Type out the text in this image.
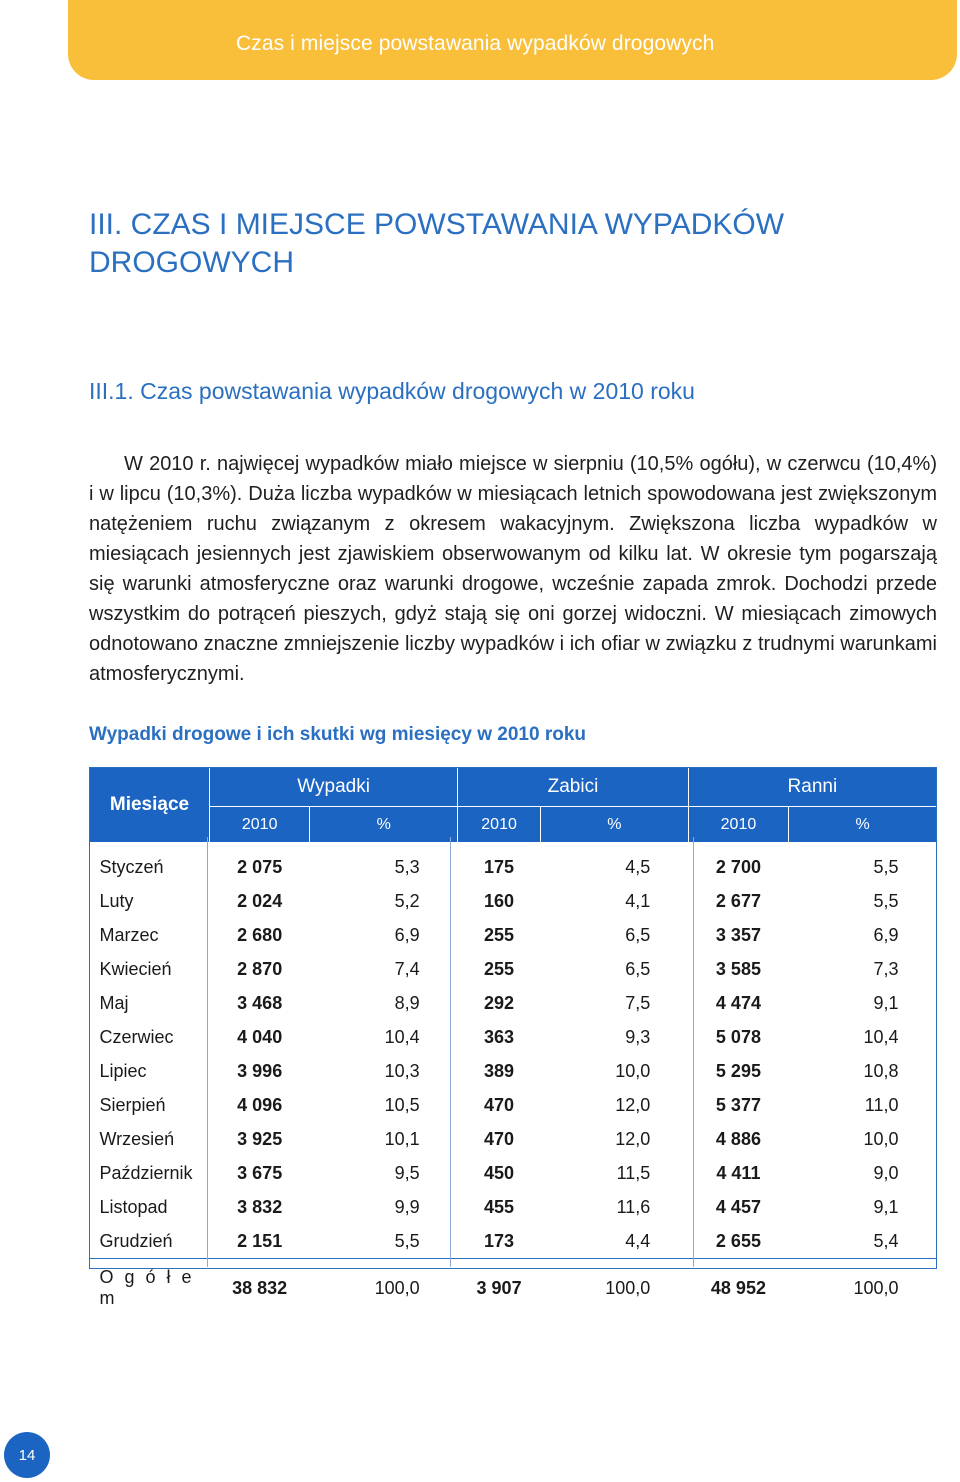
Czas i miejsce powstawania wypadków drogowych
III. CZAS I MIEJSCE POWSTAWANIA WYPADKÓW DROGOWYCH
III.1. Czas powstawania wypadków drogowych w 2010 roku
W 2010 r. najwięcej wypadków miało miejsce w sierpniu (10,5% ogółu), w czerwcu (10,4%) i w lipcu (10,3%). Duża liczba wypadków w miesiącach letnich spowodowana jest zwiększonym natężeniem ruchu związanym z okresem wakacyjnym. Zwiększona liczba wypadków w miesiącach jesiennych jest zjawiskiem obserwowanym od kilku lat. W okresie tym pogarszają się warunki atmosferyczne oraz warunki drogowe, wcześnie zapada zmrok. Dochodzi przede wszystkim do potrąceń pieszych, gdyż stają się oni gorzej widoczni. W miesiącach zimowych odnotowano znaczne zmniejszenie liczby wypadków i ich ofiar w związku z trudnymi warunkami atmosferycznymi.
Wypadki drogowe i ich skutki wg miesięcy w 2010 roku
Miesiące	Wypadki		Zabici		Ranni	
	2010	%	2010	%	2010	%
Styczeń	2 075	5,3	175	4,5	2 700	5,5
Luty	2 024	5,2	160	4,1	2 677	5,5
Marzec	2 680	6,9	255	6,5	3 357	6,9
Kwiecień	2 870	7,4	255	6,5	3 585	7,3
Maj	3 468	8,9	292	7,5	4 474	9,1
Czerwiec	4 040	10,4	363	9,3	5 078	10,4
Lipiec	3 996	10,3	389	10,0	5 295	10,8
Sierpień	4 096	10,5	470	12,0	5 377	11,0
Wrzesień	3 925	10,1	470	12,0	4 886	10,0
Październik	3 675	9,5	450	11,5	4 411	9,0
Listopad	3 832	9,9	455	11,6	4 457	9,1
Grudzień	2 151	5,5	173	4,4	2 655	5,4
O g ó ł e m	38 832	100,0	3 907	100,0	48 952	100,0
14
